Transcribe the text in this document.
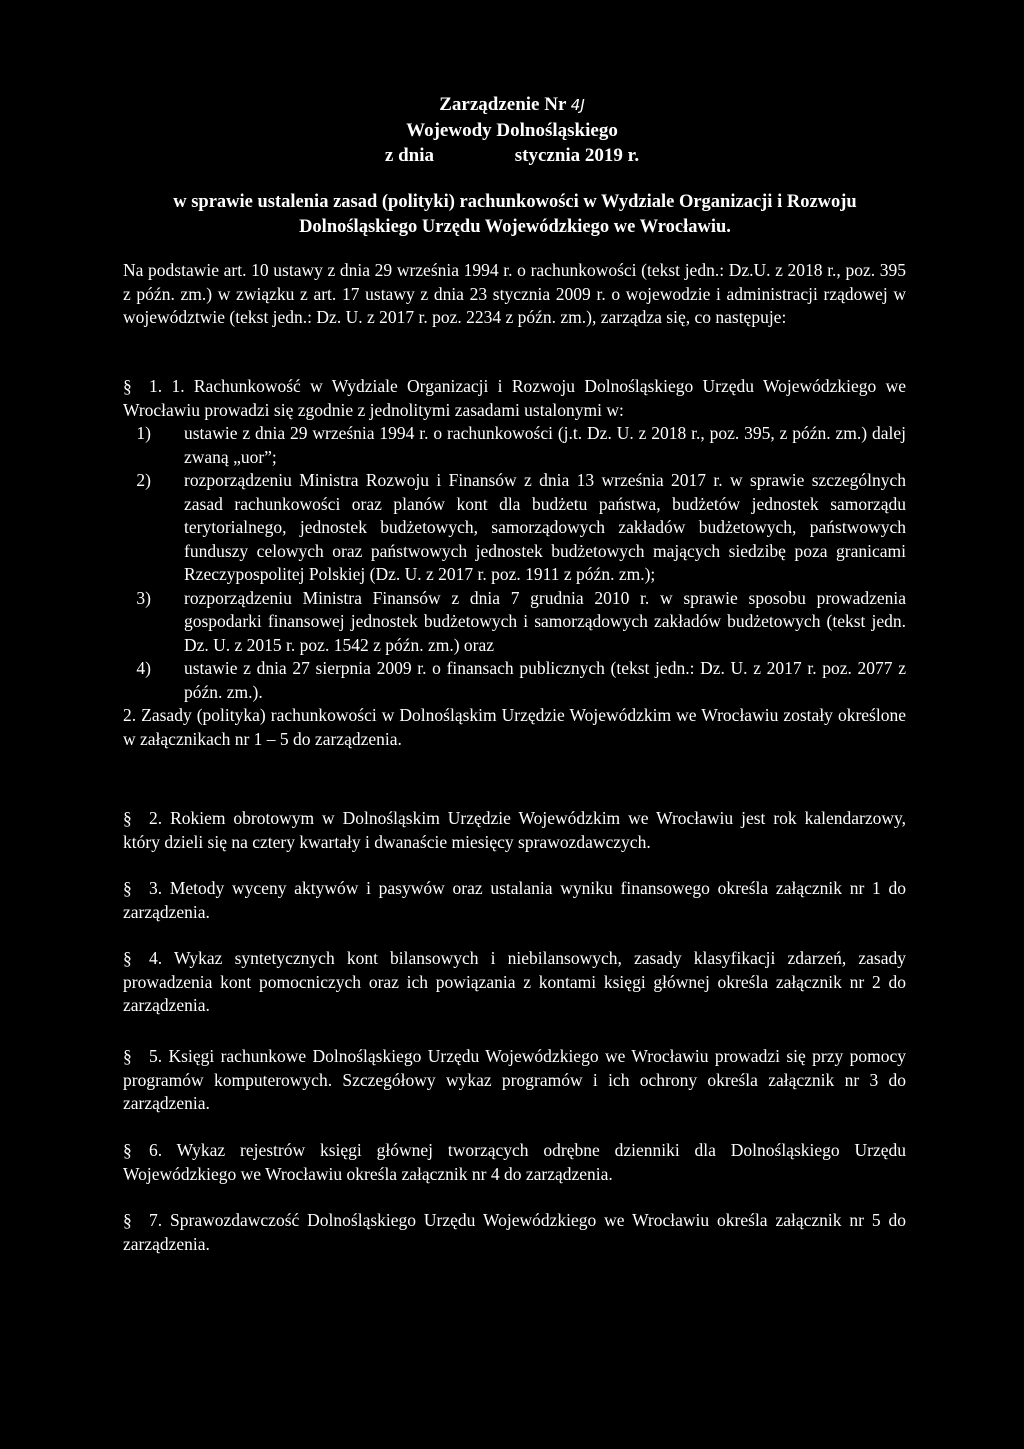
Zarządzenie Nr 4J
Wojewody Dolnośląskiego
z dnia                 stycznia 2019 r.
w sprawie ustalenia zasad (polityki) rachunkowości w Wydziale Organizacji i Rozwoju Dolnośląskiego Urzędu Wojewódzkiego we Wrocławiu.
Na podstawie art. 10 ustawy z dnia 29 września 1994 r. o rachunkowości (tekst jedn.: Dz.U. z 2018 r., poz. 395 z późn. zm.) w związku z art. 17 ustawy z dnia 23 stycznia 2009 r. o wojewodzie i administracji rządowej w województwie (tekst jedn.: Dz. U. z 2017 r. poz. 2234 z późn. zm.), zarządza się, co następuje:
§ 1. 1. Rachunkowość w Wydziale Organizacji i Rozwoju Dolnośląskiego Urzędu Wojewódzkiego we Wrocławiu prowadzi się zgodnie z jednolitymi zasadami ustalonymi w:
1) ustawie z dnia 29 września 1994 r. o rachunkowości (j.t. Dz. U. z 2018 r., poz. 395, z późn. zm.) dalej zwaną „uor”;
2) rozporządzeniu Ministra Rozwoju i Finansów z dnia 13 września 2017 r. w sprawie szczególnych zasad rachunkowości oraz planów kont dla budżetu państwa, budżetów jednostek samorządu terytorialnego, jednostek budżetowych, samorządowych zakładów budżetowych, państwowych funduszy celowych oraz państwowych jednostek budżetowych mających siedzibę poza granicami Rzeczypospolitej Polskiej (Dz. U. z 2017 r. poz. 1911 z późn. zm.);
3) rozporządzeniu Ministra Finansów z dnia 7 grudnia 2010 r. w sprawie sposobu prowadzenia gospodarki finansowej jednostek budżetowych i samorządowych zakładów budżetowych (tekst jedn. Dz. U. z 2015 r. poz. 1542 z późn. zm.) oraz
4) ustawie z dnia 27 sierpnia 2009 r. o finansach publicznych (tekst jedn.: Dz. U. z 2017 r. poz. 2077 z późn. zm.).
2. Zasady (polityka) rachunkowości w Dolnośląskim Urzędzie Wojewódzkim we Wrocławiu zostały określone w załącznikach nr 1 – 5 do zarządzenia.
§ 2. Rokiem obrotowym w Dolnośląskim Urzędzie Wojewódzkim we Wrocławiu jest rok kalendarzowy, który dzieli się na cztery kwartały i dwanaście miesięcy sprawozdawczych.
§ 3. Metody wyceny aktywów i pasywów oraz ustalania wyniku finansowego określa załącznik nr 1 do zarządzenia.
§ 4. Wykaz syntetycznych kont bilansowych i niebilansowych, zasady klasyfikacji zdarzeń, zasady prowadzenia kont pomocniczych oraz ich powiązania z kontami księgi głównej określa załącznik nr 2 do zarządzenia.
§ 5. Księgi rachunkowe Dolnośląskiego Urzędu Wojewódzkiego we Wrocławiu prowadzi się przy pomocy programów komputerowych. Szczegółowy wykaz programów i ich ochrony określa załącznik nr 3 do zarządzenia.
§ 6. Wykaz rejestrów księgi głównej tworzących odrębne dzienniki dla Dolnośląskiego Urzędu Wojewódzkiego we Wrocławiu określa załącznik nr 4 do zarządzenia.
§ 7. Sprawozdawczość Dolnośląskiego Urzędu Wojewódzkiego we Wrocławiu określa załącznik nr 5 do zarządzenia.
